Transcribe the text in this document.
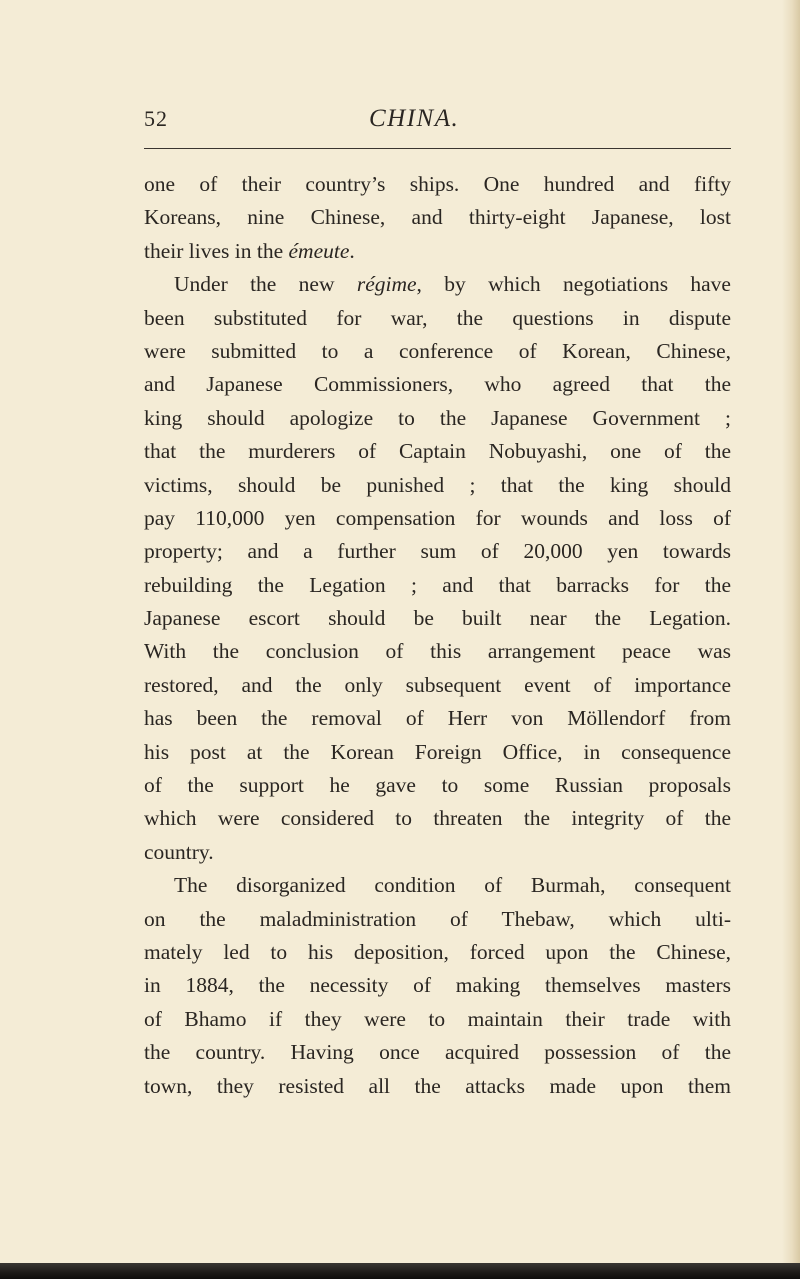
52	CHINA.
one of their country’s ships. One hundred and fifty
Koreans, nine Chinese, and thirty-eight Japanese, lost
their lives in the émeute.
Under the new régime, by which negotiations have
been substituted for war, the questions in dispute
were submitted to a conference of Korean, Chinese,
and Japanese Commissioners, who agreed that the
king should apologize to the Japanese Government ;
that the murderers of Captain Nobuyashi, one of the
victims, should be punished ; that the king should
pay 110,000 yen compensation for wounds and loss of
property; and a further sum of 20,000 yen towards
rebuilding the Legation ; and that barracks for the
Japanese escort should be built near the Legation.
With the conclusion of this arrangement peace was
restored, and the only subsequent event of importance
has been the removal of Herr von Möllendorf from
his post at the Korean Foreign Office, in consequence
of the support he gave to some Russian proposals
which were considered to threaten the integrity of the
country.
The disorganized condition of Burmah, consequent
on the maladministration of Thebaw, which ulti-
mately led to his deposition, forced upon the Chinese,
in 1884, the necessity of making themselves masters
of Bhamo if they were to maintain their trade with
the country. Having once acquired possession of the
town, they resisted all the attacks made upon them
